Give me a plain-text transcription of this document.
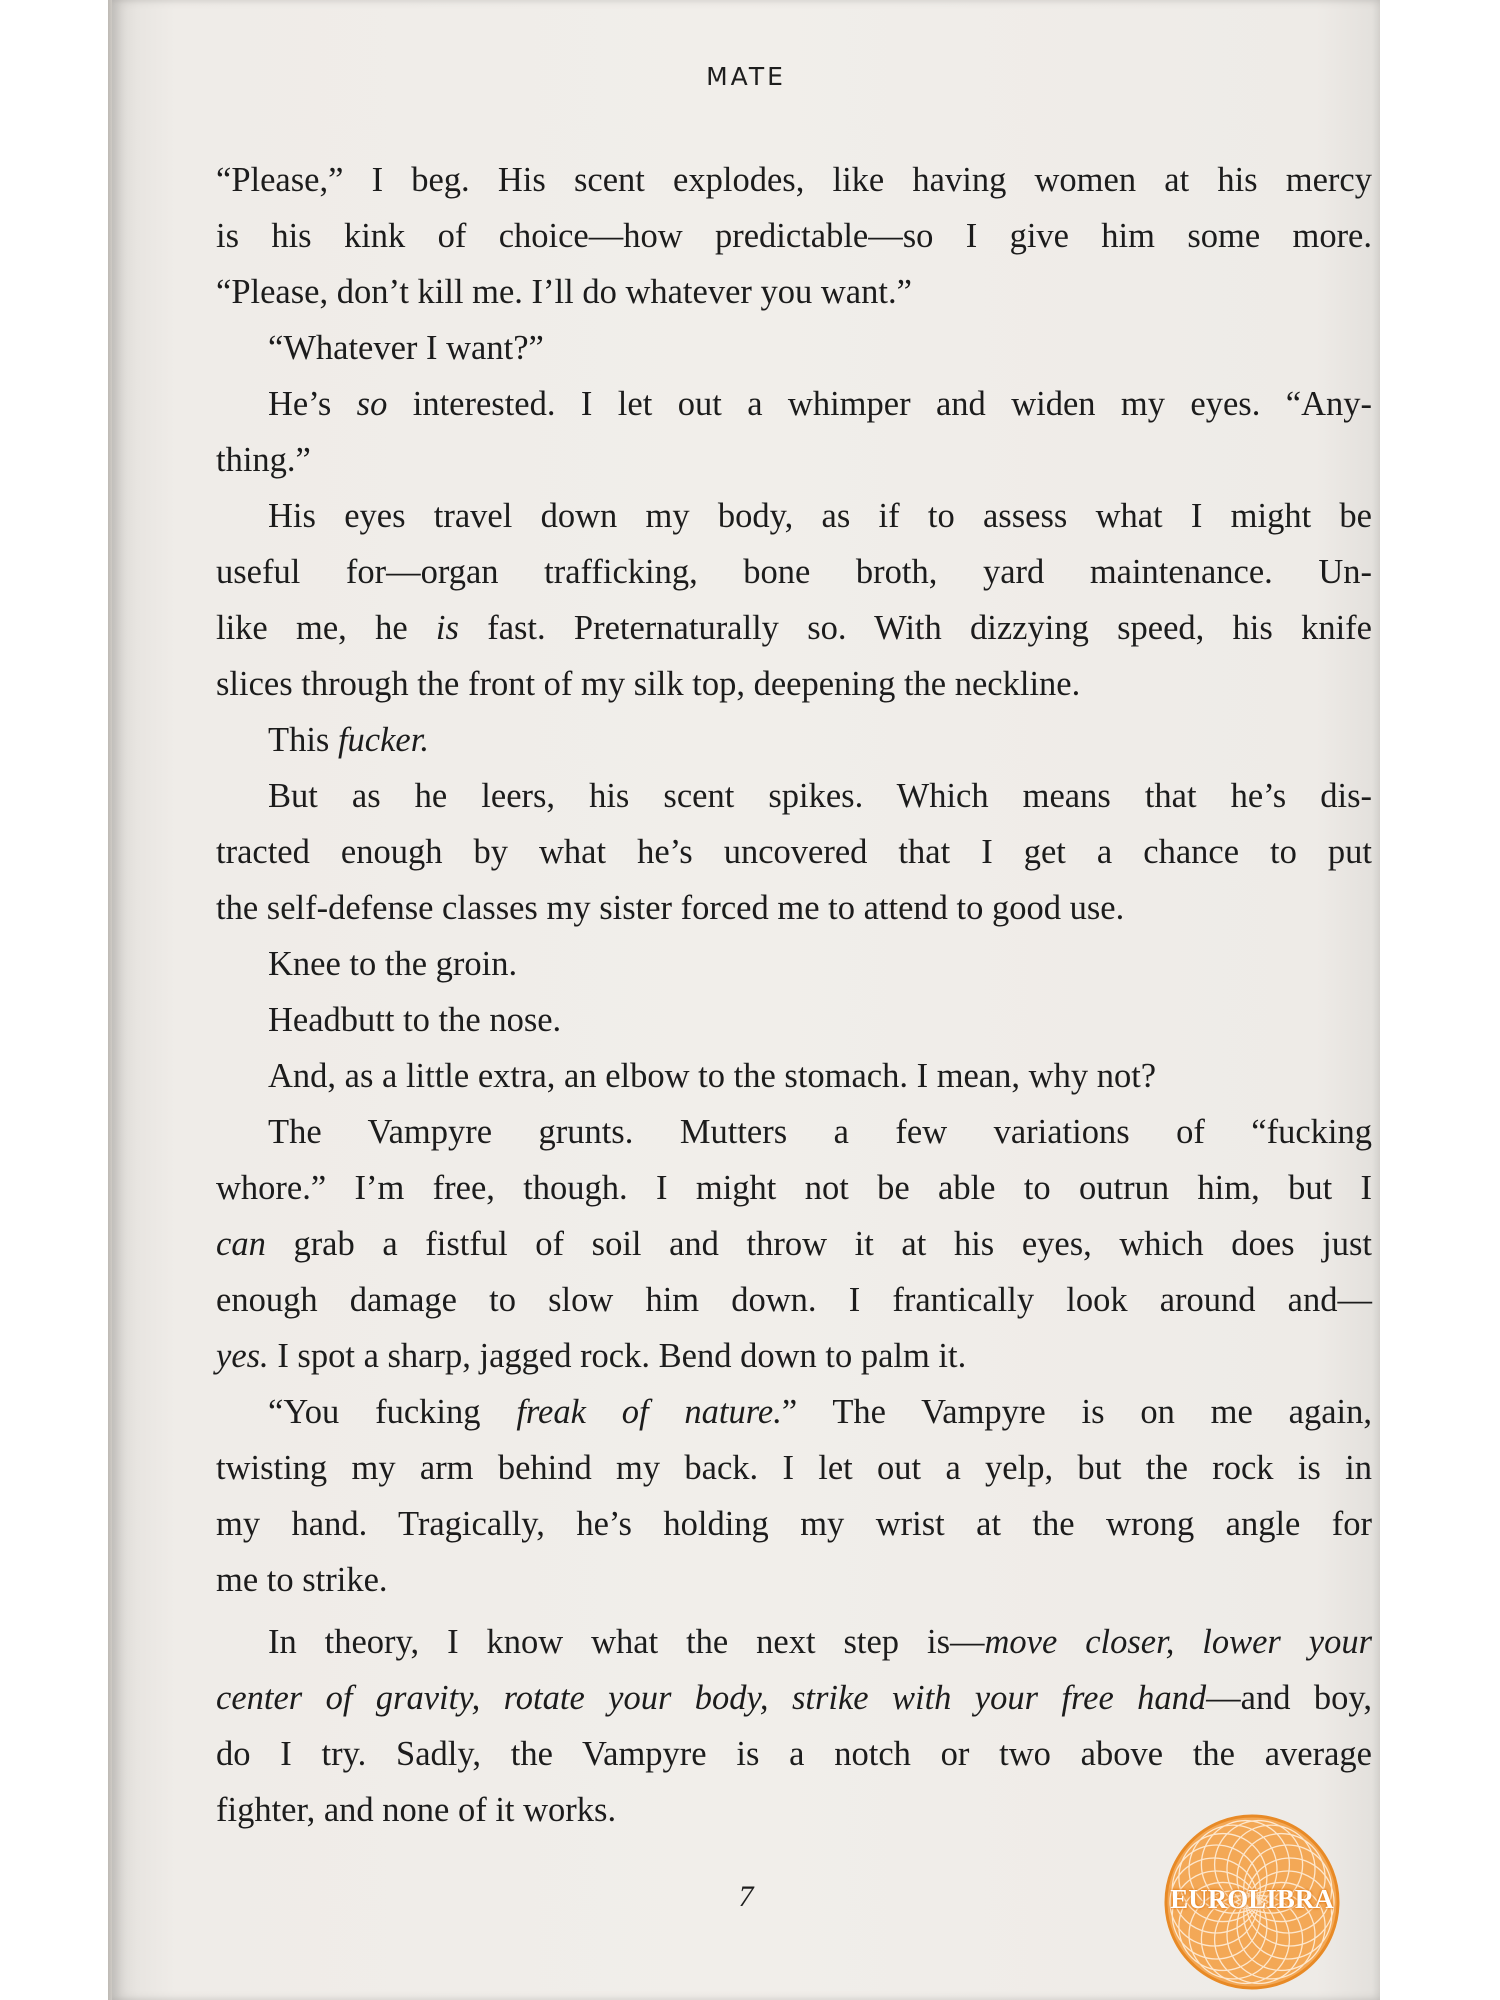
MATE

“Please,” I beg. His scent explodes, like having women at his mercy

is his kink of choice—how predictable—so I give him some more.

“Please, don’t kill me. I’ll do whatever you want.”

“Whatever I want?”

He’s so interested. I let out a whimper and widen my eyes. “Any-

thing.”

His eyes travel down my body, as if to assess what I might be

useful for—organ trafficking, bone broth, yard maintenance. Un-

like me, he is fast. Preternaturally so. With dizzying speed, his knife

slices through the front of my silk top, deepening the neckline.

This fucker.

But as he leers, his scent spikes. Which means that he’s dis-

tracted enough by what he’s uncovered that I get a chance to put

the self-defense classes my sister forced me to attend to good use.

Knee to the groin.

Headbutt to the nose.

And, as a little extra, an elbow to the stomach. I mean, why not?

The Vampyre grunts. Mutters a few variations of “fucking

whore.” I’m free, though. I might not be able to outrun him, but I

can grab a fistful of soil and throw it at his eyes, which does just

enough damage to slow him down. I frantically look around and—

yes. I spot a sharp, jagged rock. Bend down to palm it.

“You fucking freak of nature.” The Vampyre is on me again,

twisting my arm behind my back. I let out a yelp, but the rock is in

my hand. Tragically, he’s holding my wrist at the wrong angle for

me to strike.

In theory, I know what the next step is—move closer, lower your

center of gravity, rotate your body, strike with your free hand—and boy,

do I try. Sadly, the Vampyre is a notch or two above the average

fighter, and none of it works.

7	EUROLIBRA
